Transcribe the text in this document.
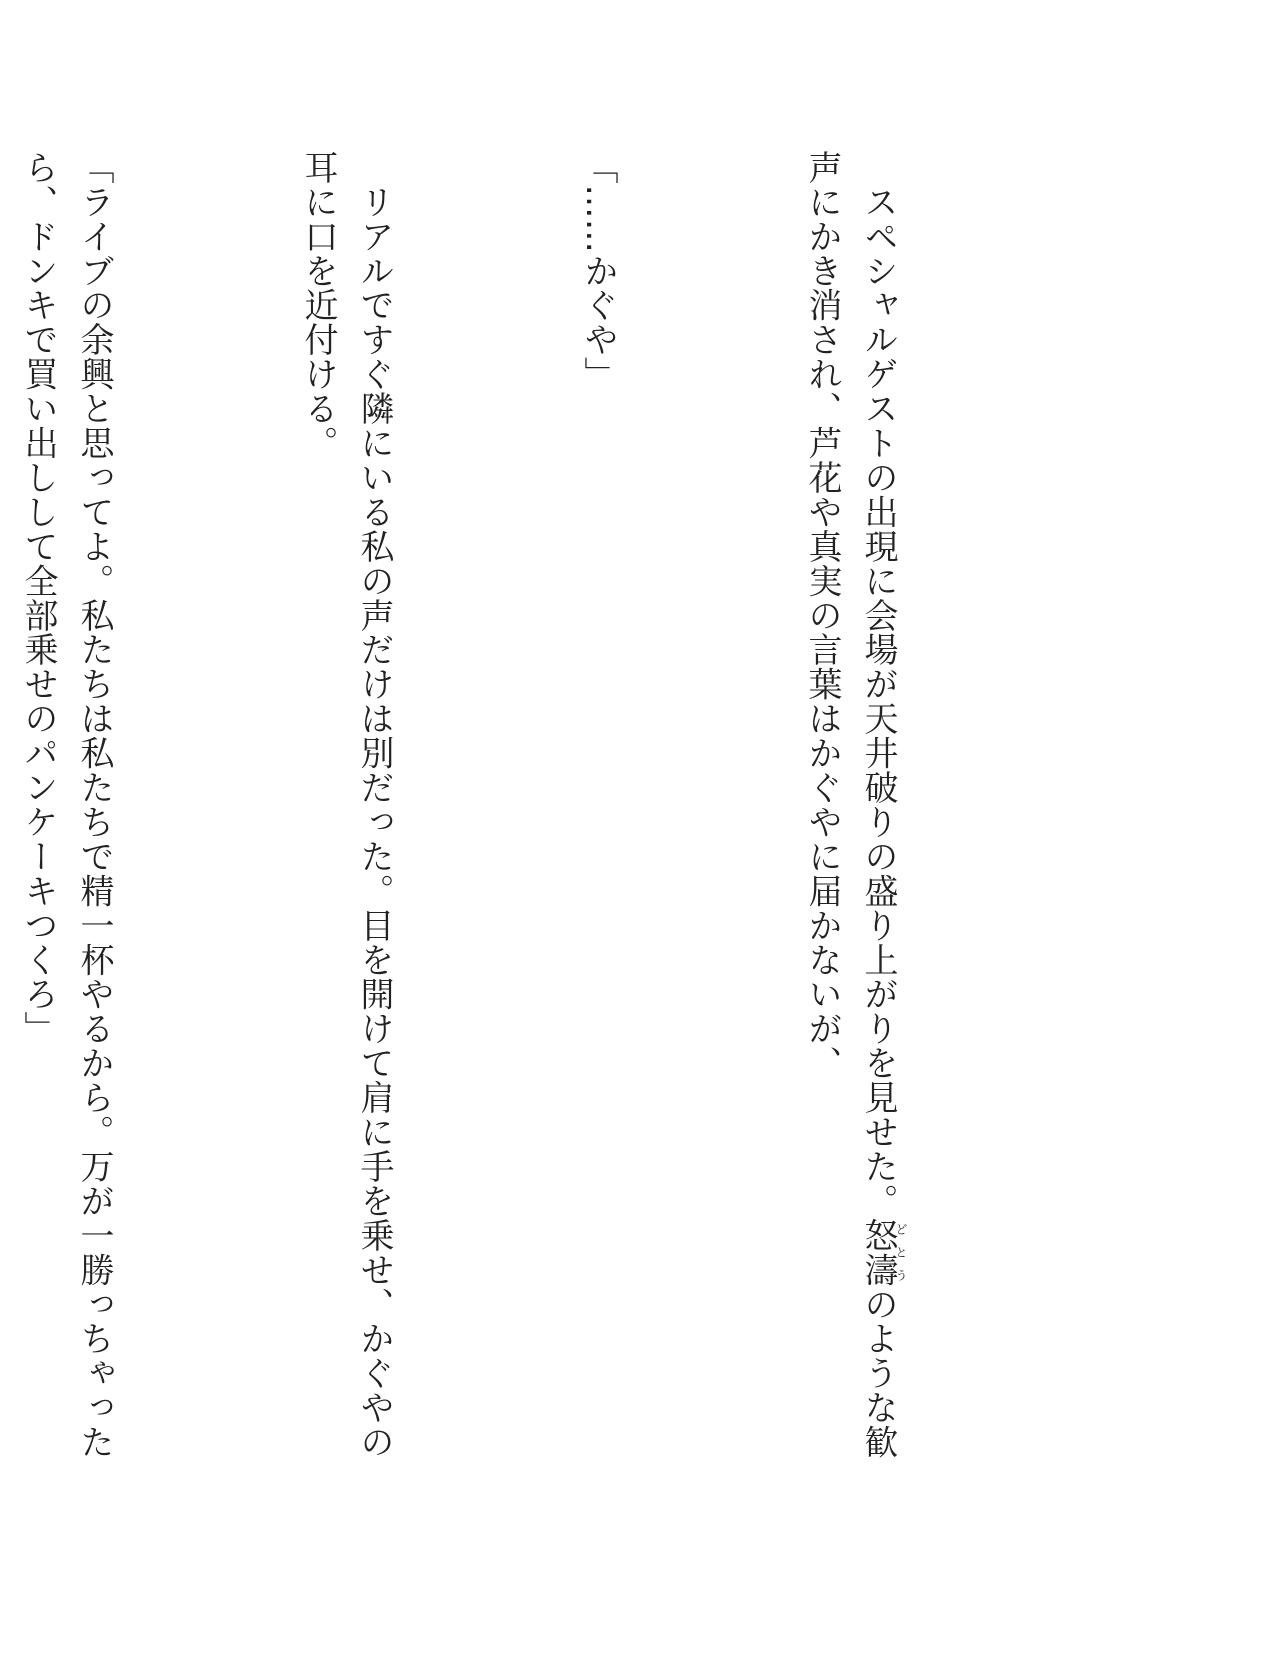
　スペシャルゲストの出現に会場が天井破りの盛り上がりを見せた。怒濤どとうのような歓声にかき消され、芦花や真実の言葉はかぐやに届かないが、

「……かぐや」

　リアルですぐ隣にいる私の声だけは別だった。目を開けて肩に手を乗せ、かぐやの耳に口を近付ける。

「ライブの余興と思ってよ。私たちは私たちで精一杯やるから。万が一勝っちゃったら、ドンキで買い出しして全部乗せのパンケーキつくろ」
